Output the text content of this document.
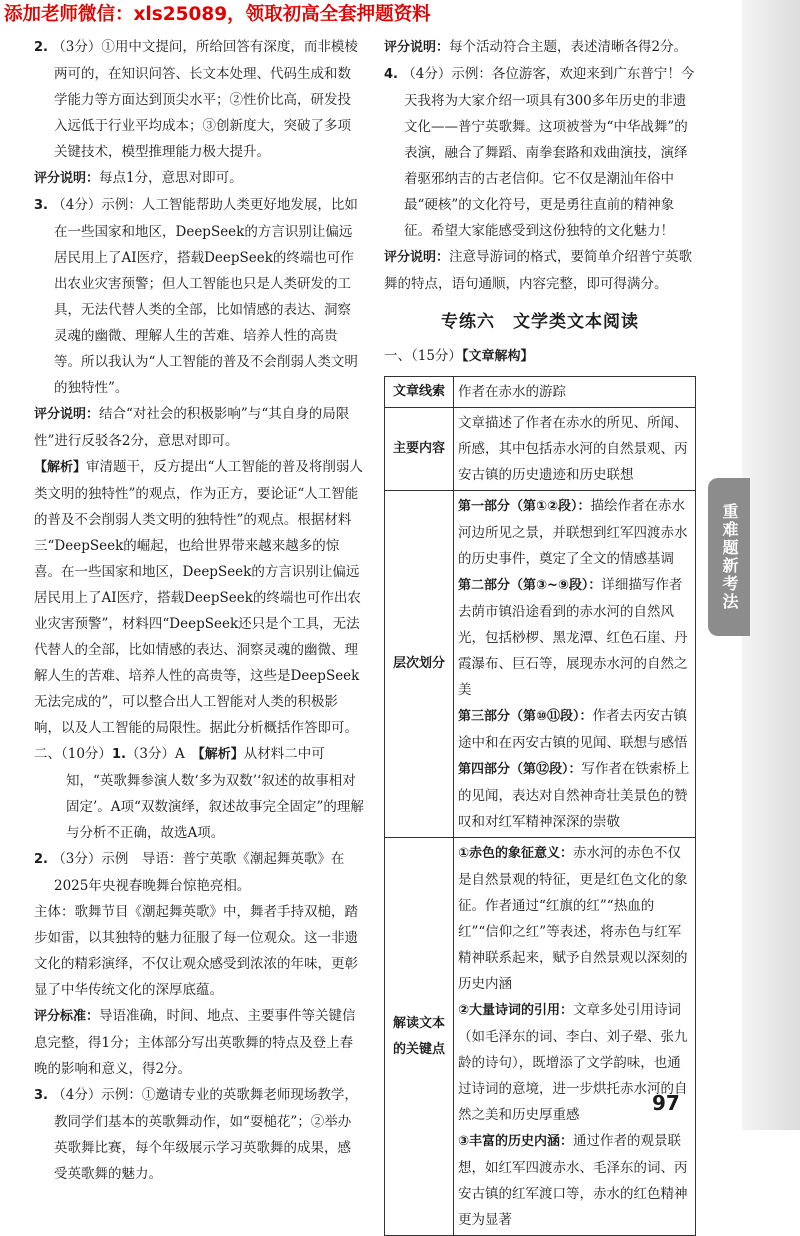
添加老师微信：xls25089，领取初高全套押题资料

2. （3分）①用中文提问，所给回答有深度，而非模棱两可的，在知识问答、长文本处理、代码生成和数学能力等方面达到顶尖水平；②性价比高，研发投入远低于行业平均成本；③创新度大，突破了多项关键技术，模型推理能力极大提升。

评分说明：每点1分，意思对即可。

3. （4分）示例：人工智能帮助人类更好地发展，比如在一些国家和地区，DeepSeek的方言识别让偏远居民用上了AI医疗，搭载DeepSeek的终端也可作出农业灾害预警；但人工智能也只是人类研发的工具，无法代替人类的全部，比如情感的表达、洞察灵魂的幽微、理解人生的苦难、培养人性的高贵等。所以我认为“人工智能的普及不会削弱人类文明的独特性”。

评分说明：结合“对社会的积极影响”与“其自身的局限性”进行反驳各2分，意思对即可。

【解析】审清题干，反方提出“人工智能的普及将削弱人类文明的独特性”的观点，作为正方，要论证“人工智能的普及不会削弱人类文明的独特性”的观点。根据材料三“DeepSeek的崛起，也给世界带来越来越多的惊喜。在一些国家和地区，DeepSeek的方言识别让偏远居民用上了AI医疗，搭载DeepSeek的终端也可作出农业灾害预警”，材料四“DeepSeek还只是个工具，无法代替人的全部，比如情感的表达、洞察灵魂的幽微、理解人生的苦难、培养人性的高贵等，这些是DeepSeek无法完成的”，可以整合出人工智能对人类的积极影响，以及人工智能的局限性。据此分析概括作答即可。

二、（10分）1.（3分）A　 【解析】从材料二中可知，“英歌舞参演人数‘多为双数’‘叙述的故事相对固定’。A项“双数演绎，叙述故事完全固定”的理解与分析不正确，故选A项。

2. （3分）示例　导语：普宁英歌《潮起舞英歌》在2025年央视春晚舞台惊艳亮相。

主体：歌舞节目《潮起舞英歌》中，舞者手持双槌，踏步如雷，以其独特的魅力征服了每一位观众。这一非遗文化的精彩演绎，不仅让观众感受到浓浓的年味，更彰显了中华传统文化的深厚底蕴。

评分标准：导语准确，时间、地点、主要事件等关键信息完整，得1分；主体部分写出英歌舞的特点及登上春晚的影响和意义，得2分。

3. （4分）示例：①邀请专业的英歌舞老师现场教学，教同学们基本的英歌舞动作，如“耍槌花”；②举办英歌舞比赛，每个年级展示学习英歌舞的成果，感受英歌舞的魅力。

评分说明：每个活动符合主题，表述清晰各得2分。

4. （4分）示例：各位游客，欢迎来到广东普宁！今天我将为大家介绍一项具有300多年历史的非遗文化——普宁英歌舞。这项被誉为“中华战舞”的表演，融合了舞蹈、南拳套路和戏曲演技，演绎着驱邪纳吉的古老信仰。它不仅是潮汕年俗中最“硬核”的文化符号，更是勇往直前的精神象征。希望大家能感受到这份独特的文化魅力！

评分说明：注意导游词的格式，要简单介绍普宁英歌舞的特点，语句通顺，内容完整，即可得满分。

专练六　文学类文本阅读

一、（15分）【文章解构】

文章线索	作者在赤水的游踪
主要内容	文章描述了作者在赤水的所见、所闻、所感，其中包括赤水河的自然景观、丙安古镇的历史遗迹和历史联想
层次划分	第一部分（第①②段）：描绘作者在赤水河边所见之景，并联想到红军四渡赤水的历史事件，奠定了全文的情感基调
第二部分（第③~⑨段）：详细描写作者去荫市镇沿途看到的赤水河的自然风光，包括桫椤、黑龙潭、红色石崖、丹霞瀑布、巨石等，展现赤水河的自然之美
第三部分（第⑩⑪段）：作者去丙安古镇途中和在丙安古镇的见闻、联想与感悟
第四部分（第⑫段）：写作者在铁索桥上的见闻，表达对自然神奇壮美景色的赞叹和对红军精神深深的崇敬
解读文本的关键点	①赤色的象征意义：赤水河的赤色不仅是自然景观的特征，更是红色文化的象征。作者通过“红旗的红”“热血的红”“信仰之红”等表述，将赤色与红军精神联系起来，赋予自然景观以深刻的历史内涵
②大量诗词的引用：文章多处引用诗词（如毛泽东的词、李白、刘子翚、张九龄的诗句），既增添了文学韵味，也通过诗词的意境，进一步烘托赤水河的自然之美和历史厚重感
③丰富的历史内涵：通过作者的观景联想，如红军四渡赤水、毛泽东的词、丙安古镇的红军渡口等，赤水的红色精神更为显著
重难题新考法
97
